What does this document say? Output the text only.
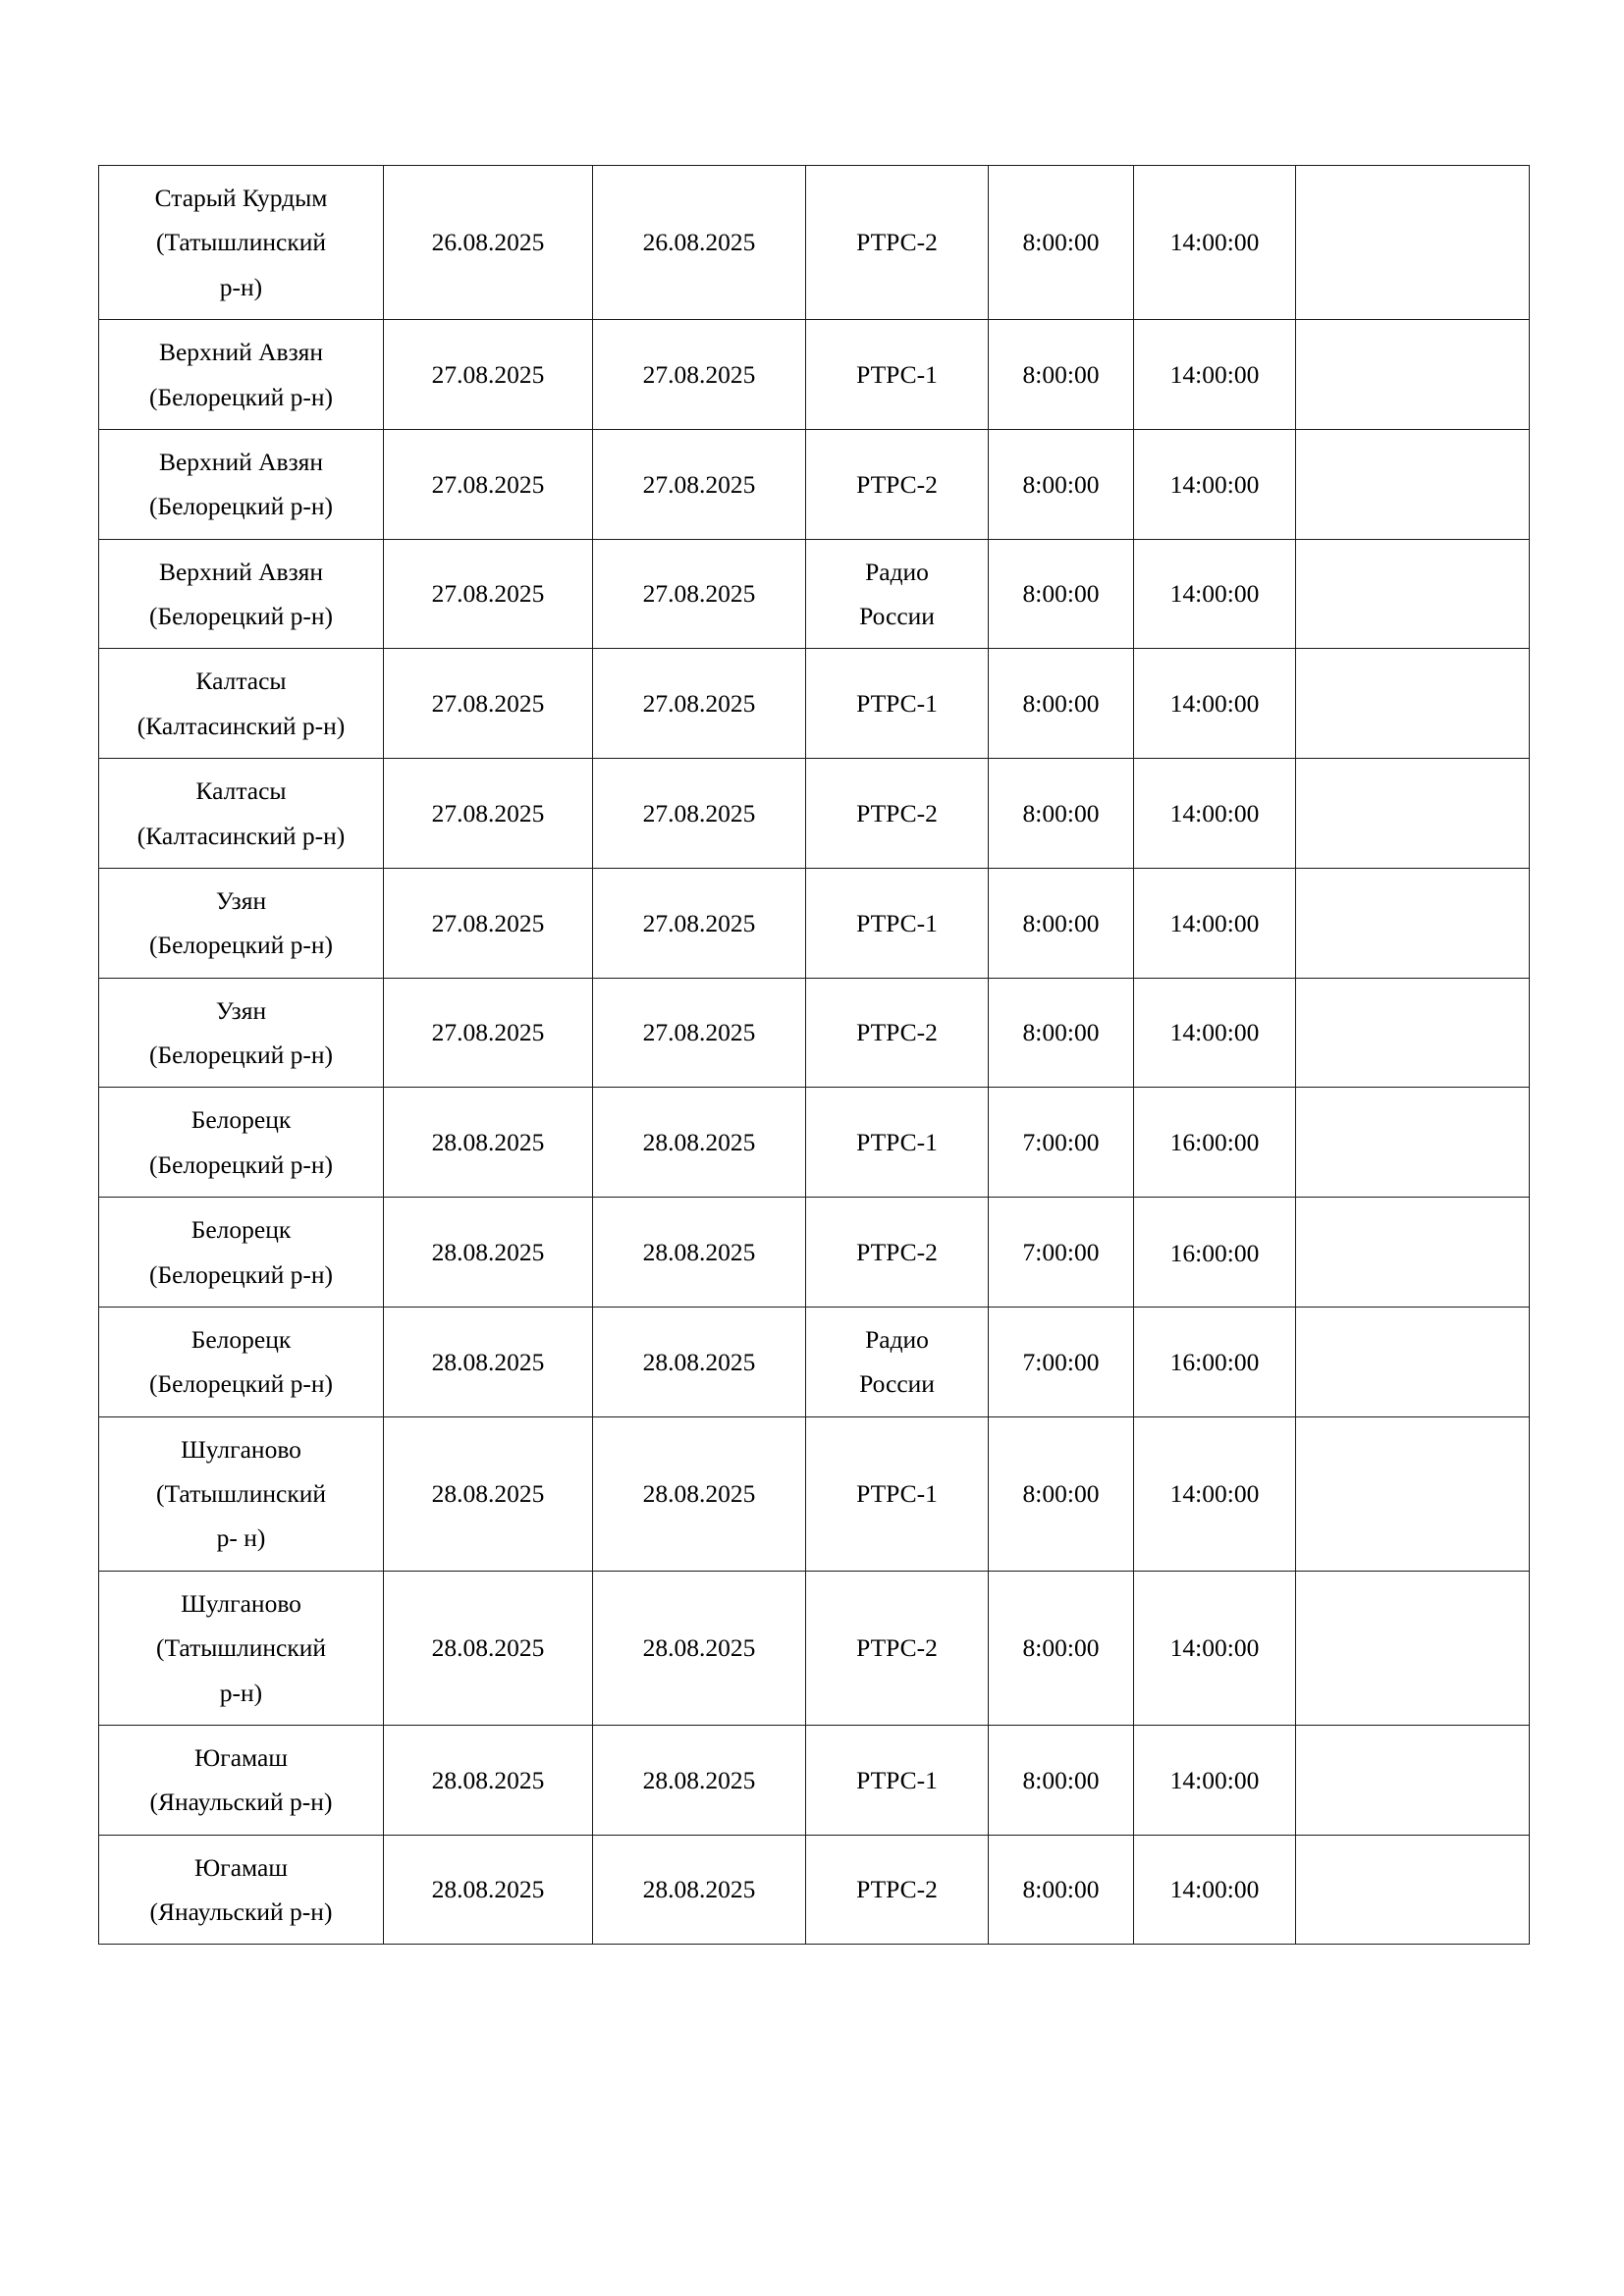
Старый Курдым
(Татышлинский
р-н)	26.08.2025	26.08.2025	РТРС-2	8:00:00	14:00:00	

Верхний Авзян
(Белорецкий р-н)	27.08.2025	27.08.2025	РТРС-1	8:00:00	14:00:00	

Верхний Авзян
(Белорецкий р-н)	27.08.2025	27.08.2025	РТРС-2	8:00:00	14:00:00	

Верхний Авзян
(Белорецкий р-н)	27.08.2025	27.08.2025	Радио
России	8:00:00	14:00:00	

Калтасы
(Калтасинский р-н)	27.08.2025	27.08.2025	РТРС-1	8:00:00	14:00:00	

Калтасы
(Калтасинский р-н)	27.08.2025	27.08.2025	РТРС-2	8:00:00	14:00:00	

Узян
(Белорецкий р-н)	27.08.2025	27.08.2025	РТРС-1	8:00:00	14:00:00	

Узян
(Белорецкий р-н)	27.08.2025	27.08.2025	РТРС-2	8:00:00	14:00:00	

Белорецк
(Белорецкий р-н)	28.08.2025	28.08.2025	РТРС-1	7:00:00	16:00:00	

Белорецк
(Белорецкий р-н)	28.08.2025	28.08.2025	РТРС-2	7:00:00	16:00:00	

Белорецк
(Белорецкий р-н)	28.08.2025	28.08.2025	Радио
России	7:00:00	16:00:00	

Шулганово
(Татышлинский
р- н)	28.08.2025	28.08.2025	РТРС-1	8:00:00	14:00:00	

Шулганово
(Татышлинский
р-н)	28.08.2025	28.08.2025	РТРС-2	8:00:00	14:00:00	

Югамаш
(Янаульский р-н)	28.08.2025	28.08.2025	РТРС-1	8:00:00	14:00:00	

Югамаш
(Янаульский р-н)	28.08.2025	28.08.2025	РТРС-2	8:00:00	14:00:00	
